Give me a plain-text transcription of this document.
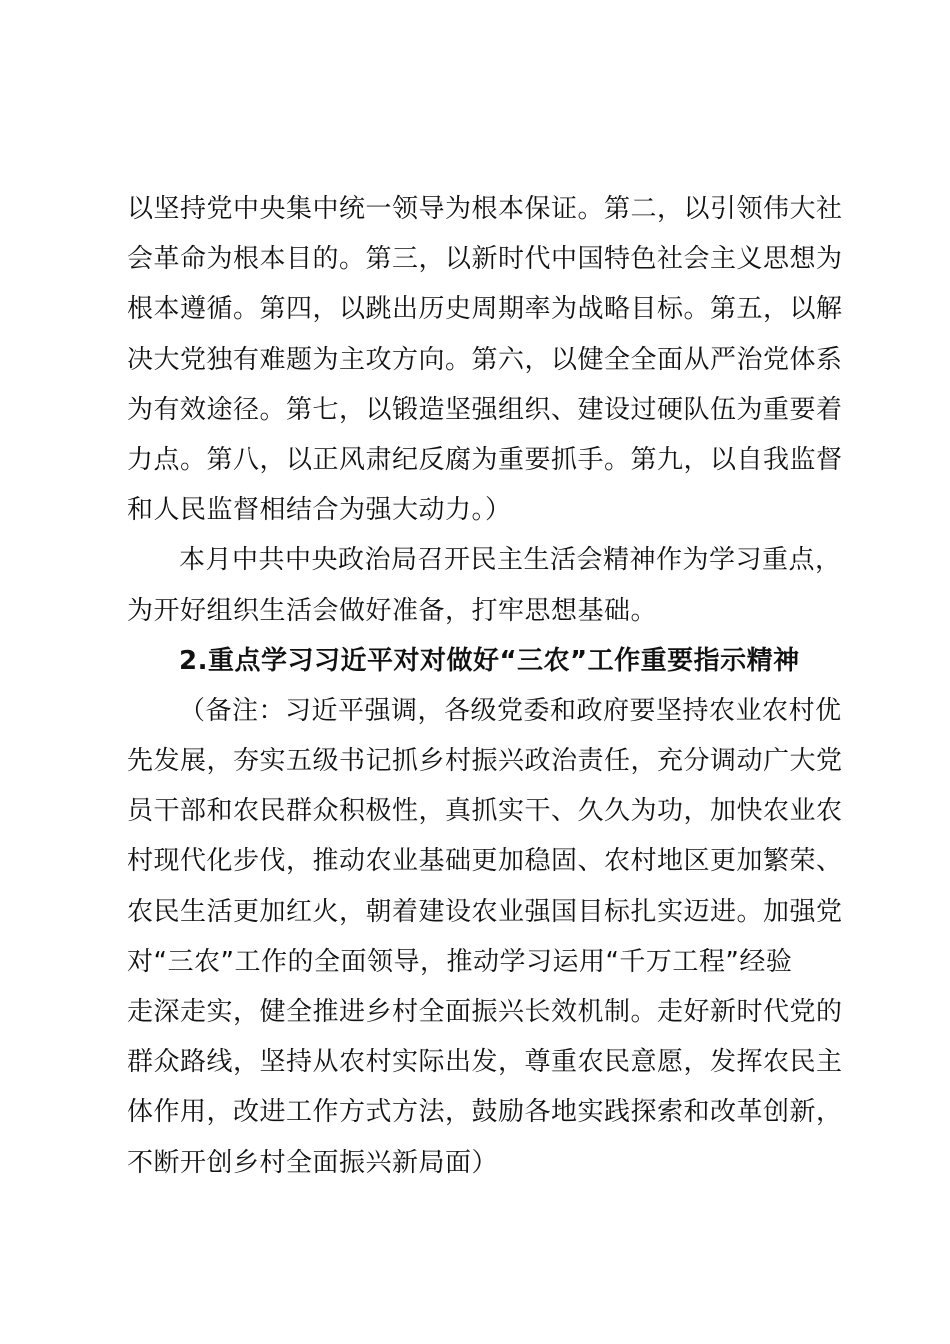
以坚持党中央集中统一领导为根本保证。第二，以引领伟大社
会革命为根本目的。第三，以新时代中国特色社会主义思想为
根本遵循。第四，以跳出历史周期率为战略目标。第五，以解
决大党独有难题为主攻方向。第六，以健全全面从严治党体系
为有效途径。第七，以锻造坚强组织、建设过硬队伍为重要着
力点。第八，以正风肃纪反腐为重要抓手。第九，以自我监督
和人民监督相结合为强大动力。）
本月中共中央政治局召开民主生活会精神作为学习重点，
为开好组织生活会做好准备，打牢思想基础。
2.重点学习习近平对对做好“三农”工作重要指示精神
（备注：习近平强调，各级党委和政府要坚持农业农村优
先发展，夯实五级书记抓乡村振兴政治责任，充分调动广大党
员干部和农民群众积极性，真抓实干、久久为功，加快农业农
村现代化步伐，推动农业基础更加稳固、农村地区更加繁荣、
农民生活更加红火，朝着建设农业强国目标扎实迈进。加强党
对“三农”工作的全面领导，推动学习运用“千万工程”经验
走深走实，健全推进乡村全面振兴长效机制。走好新时代党的
群众路线，坚持从农村实际出发，尊重农民意愿，发挥农民主
体作用，改进工作方式方法，鼓励各地实践探索和改革创新，
不断开创乡村全面振兴新局面）
